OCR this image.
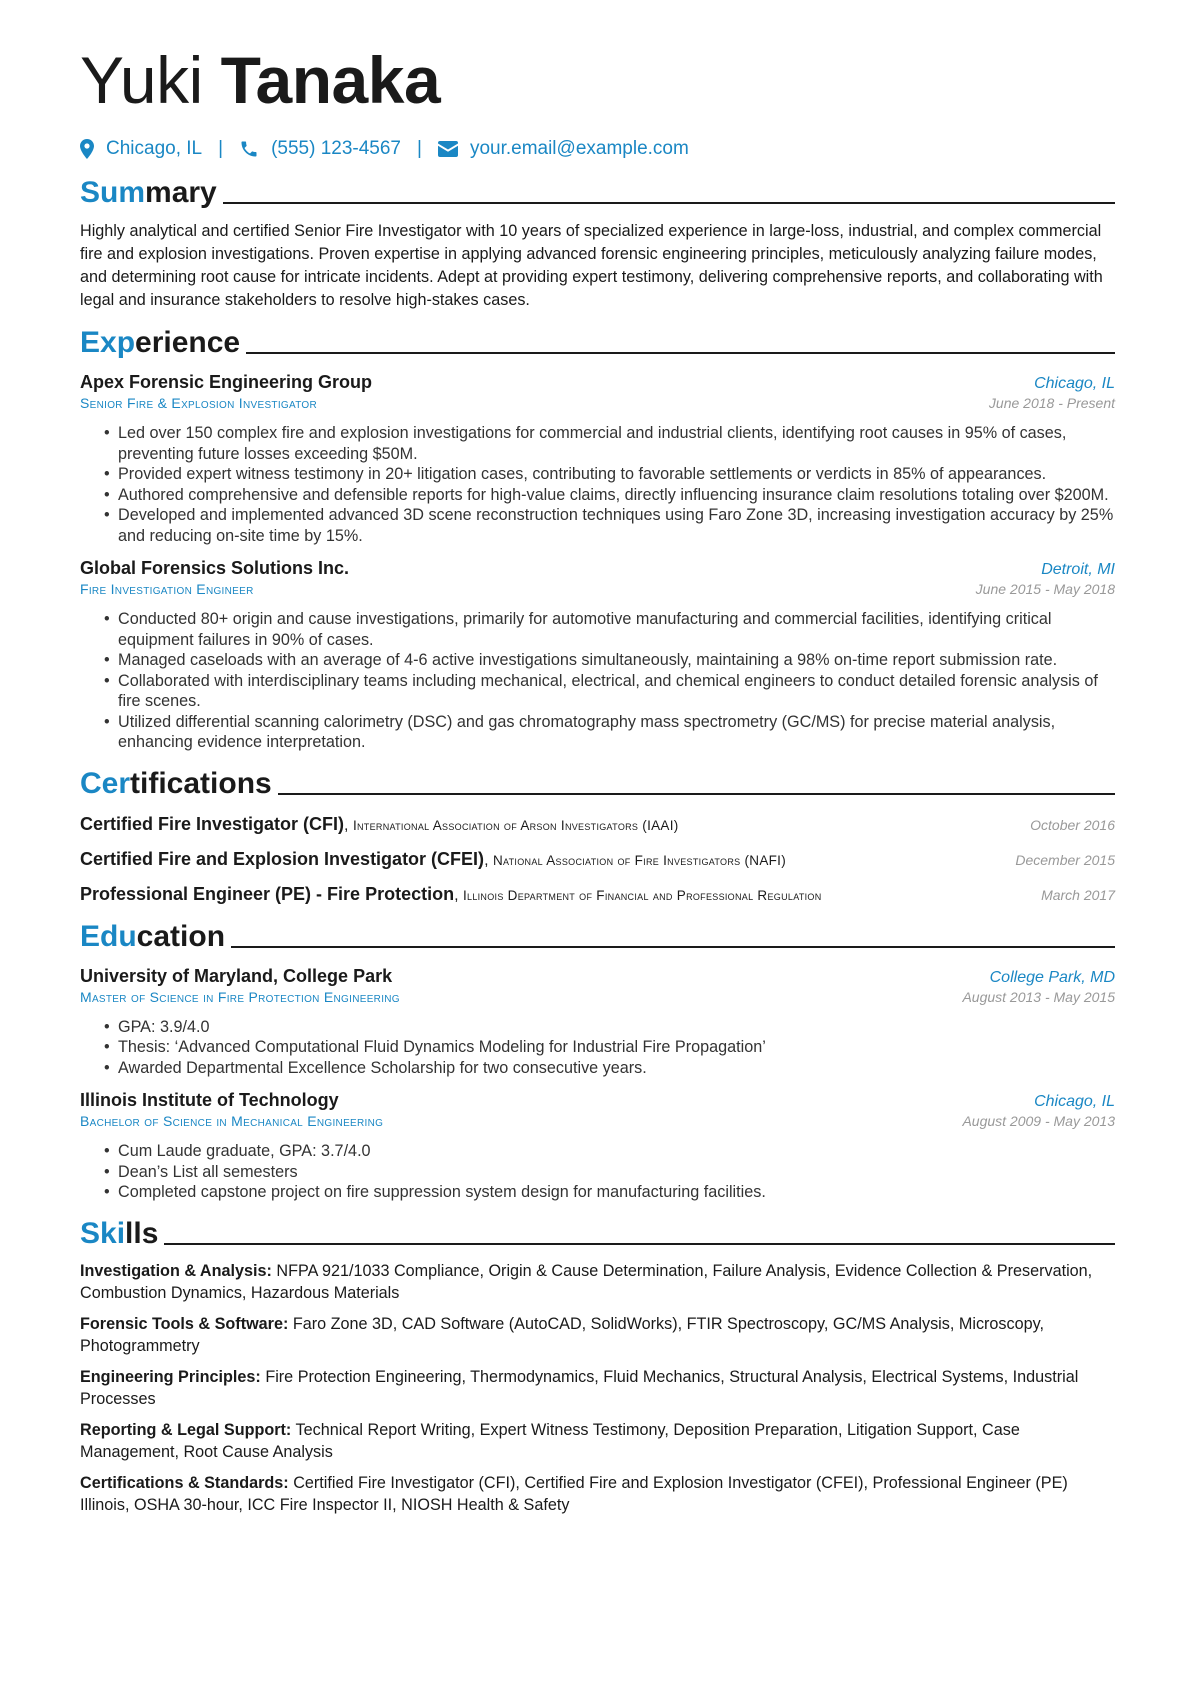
Yuki Tanaka
Chicago, IL |	(555) 123-4567 |	your.email@example.com
Summary
Highly analytical and certified Senior Fire Investigator with 10 years of specialized experience in large-loss, industrial, and complex commercial fire and explosion investigations. Proven expertise in applying advanced forensic engineering principles, meticulously analyzing failure modes, and determining root cause for intricate incidents. Adept at providing expert testimony, delivering comprehensive reports, and collaborating with legal and insurance stakeholders to resolve high-stakes cases.
Experience
Apex Forensic Engineering Group	Chicago, IL
Senior Fire & Explosion Investigator	June 2018 - Present
• Led over 150 complex fire and explosion investigations for commercial and industrial clients, identifying root causes in 95% of cases, preventing future losses exceeding $50M.
• Provided expert witness testimony in 20+ litigation cases, contributing to favorable settlements or verdicts in 85% of appearances.
• Authored comprehensive and defensible reports for high-value claims, directly influencing insurance claim resolutions totaling over $200M.
• Developed and implemented advanced 3D scene reconstruction techniques using Faro Zone 3D, increasing investigation accuracy by 25% and reducing on-site time by 15%.
Global Forensics Solutions Inc.	Detroit, MI
Fire Investigation Engineer	June 2015 - May 2018
• Conducted 80+ origin and cause investigations, primarily for automotive manufacturing and commercial facilities, identifying critical equipment failures in 90% of cases.
• Managed caseloads with an average of 4-6 active investigations simultaneously, maintaining a 98% on-time report submission rate.
• Collaborated with interdisciplinary teams including mechanical, electrical, and chemical engineers to conduct detailed forensic analysis of fire scenes.
• Utilized differential scanning calorimetry (DSC) and gas chromatography mass spectrometry (GC/MS) for precise material analysis, enhancing evidence interpretation.
Certifications
Certified Fire Investigator (CFI), International Association of Arson Investigators (IAAI)	October 2016
Certified Fire and Explosion Investigator (CFEI), National Association of Fire Investigators (NAFI)	December 2015
Professional Engineer (PE) - Fire Protection, Illinois Department of Financial and Professional Regulation	March 2017
Education
University of Maryland, College Park	College Park, MD
Master of Science in Fire Protection Engineering	August 2013 - May 2015
• GPA: 3.9/4.0
• Thesis: ‘Advanced Computational Fluid Dynamics Modeling for Industrial Fire Propagation’
• Awarded Departmental Excellence Scholarship for two consecutive years.
Illinois Institute of Technology	Chicago, IL
Bachelor of Science in Mechanical Engineering	August 2009 - May 2013
• Cum Laude graduate, GPA: 3.7/4.0
• Dean’s List all semesters
• Completed capstone project on fire suppression system design for manufacturing facilities.
Skills
Investigation & Analysis: NFPA 921/1033 Compliance, Origin & Cause Determination, Failure Analysis, Evidence Collection & Preservation, Combustion Dynamics, Hazardous Materials
Forensic Tools & Software: Faro Zone 3D, CAD Software (AutoCAD, SolidWorks), FTIR Spectroscopy, GC/MS Analysis, Microscopy, Photogrammetry
Engineering Principles: Fire Protection Engineering, Thermodynamics, Fluid Mechanics, Structural Analysis, Electrical Systems, Industrial Processes
Reporting & Legal Support: Technical Report Writing, Expert Witness Testimony, Deposition Preparation, Litigation Support, Case Management, Root Cause Analysis
Certifications & Standards: Certified Fire Investigator (CFI), Certified Fire and Explosion Investigator (CFEI), Professional Engineer (PE) Illinois, OSHA 30-hour, ICC Fire Inspector II, NIOSH Health & Safety
